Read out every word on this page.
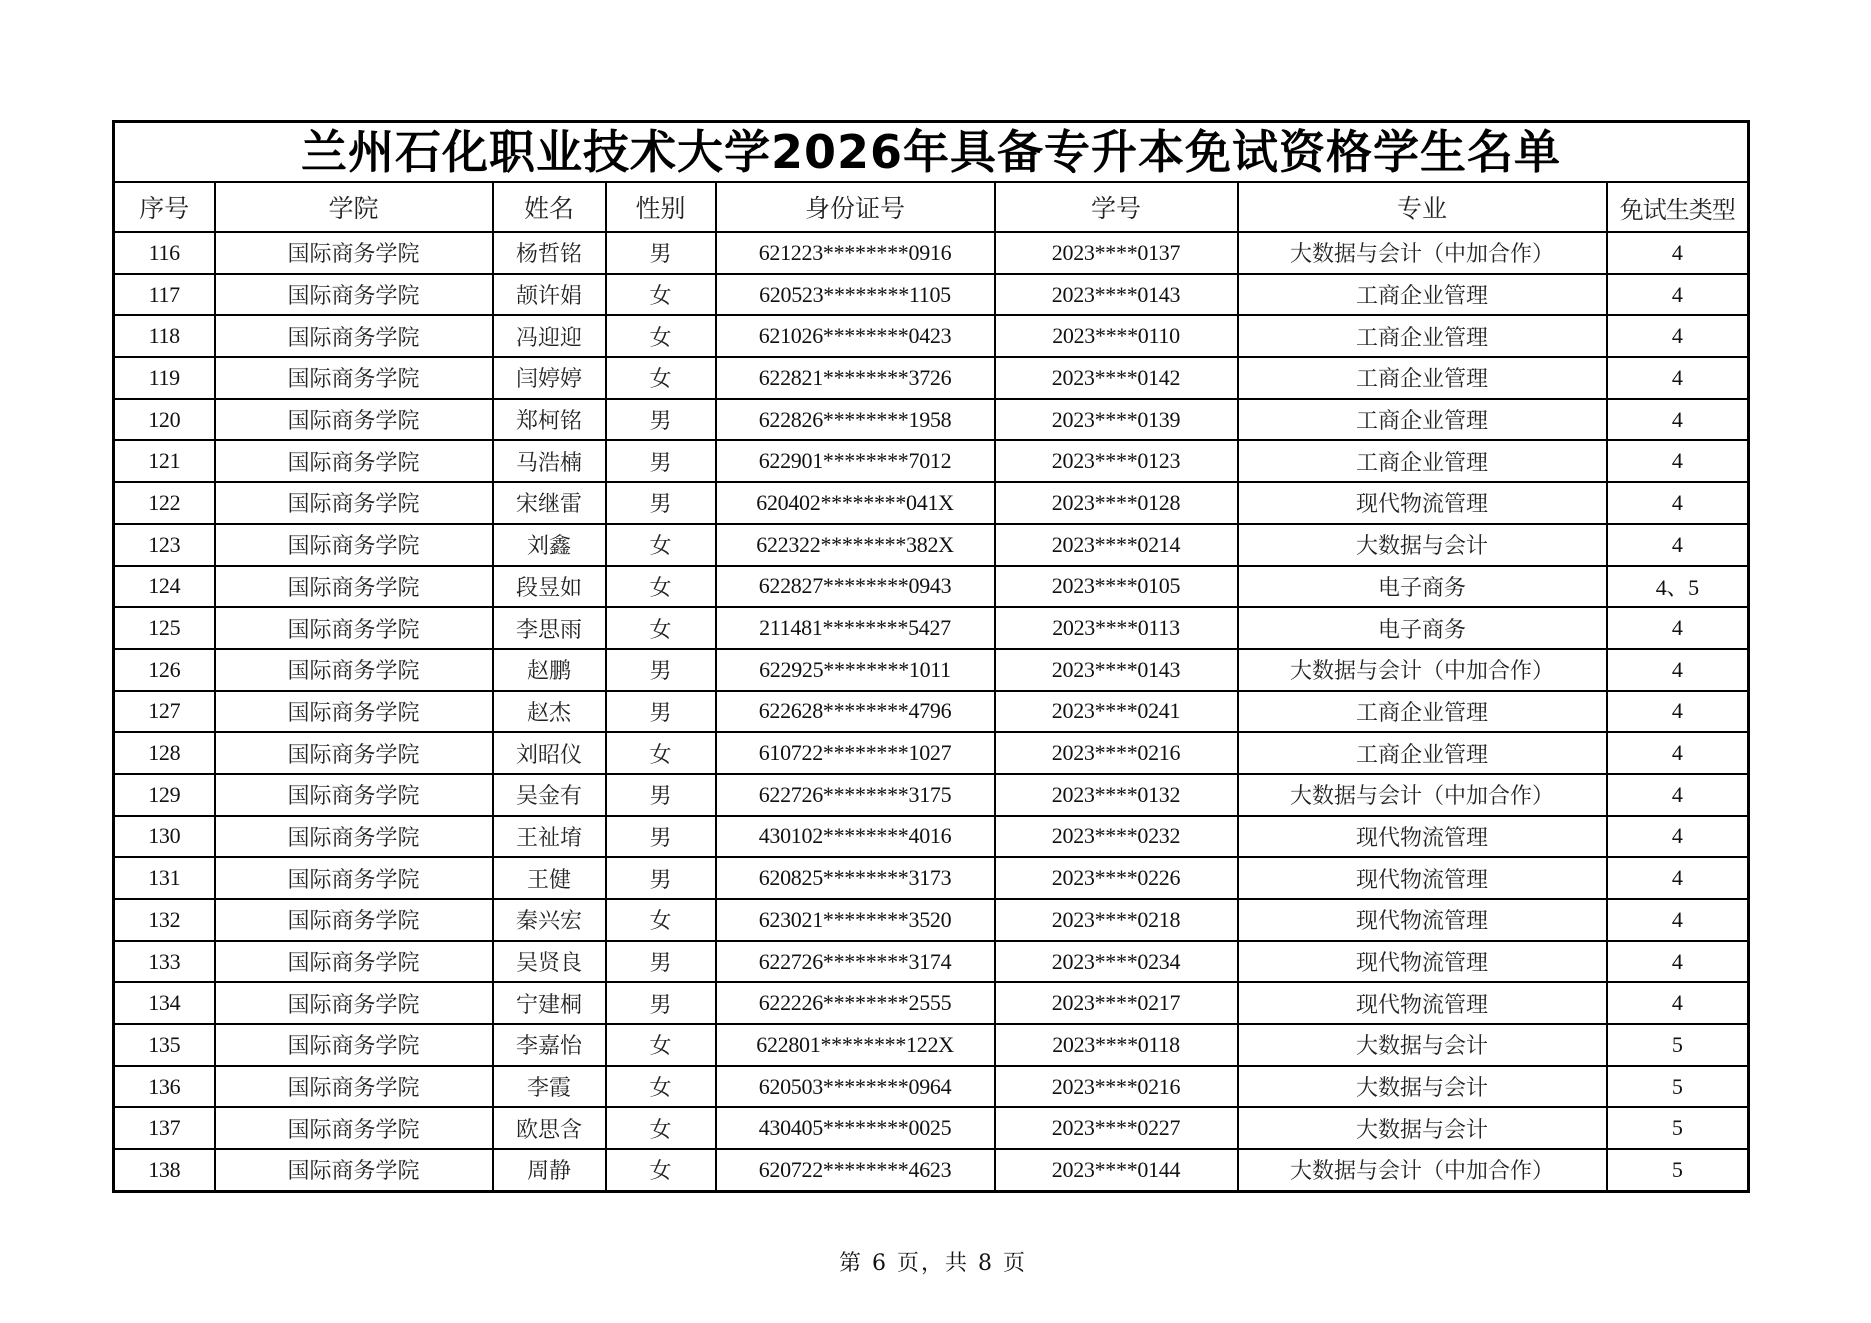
兰州石化职业技术大学2026年具备专升本免试资格学生名单							
序号	学院	姓名	性别	身份证号	学号	专业	免试生类型
116	国际商务学院	杨哲铭	男	621223********0916	2023****0137	大数据与会计（中加合作）	4
117	国际商务学院	颉许娟	女	620523********1105	2023****0143	工商企业管理	4
118	国际商务学院	冯迎迎	女	621026********0423	2023****0110	工商企业管理	4
119	国际商务学院	闫婷婷	女	622821********3726	2023****0142	工商企业管理	4
120	国际商务学院	郑柯铭	男	622826********1958	2023****0139	工商企业管理	4
121	国际商务学院	马浩楠	男	622901********7012	2023****0123	工商企业管理	4
122	国际商务学院	宋继雷	男	620402********041X	2023****0128	现代物流管理	4
123	国际商务学院	刘鑫	女	622322********382X	2023****0214	大数据与会计	4
124	国际商务学院	段昱如	女	622827********0943	2023****0105	电子商务	4、5
125	国际商务学院	李思雨	女	211481********5427	2023****0113	电子商务	4
126	国际商务学院	赵鹏	男	622925********1011	2023****0143	大数据与会计（中加合作）	4
127	国际商务学院	赵杰	男	622628********4796	2023****0241	工商企业管理	4
128	国际商务学院	刘昭仪	女	610722********1027	2023****0216	工商企业管理	4
129	国际商务学院	吴金有	男	622726********3175	2023****0132	大数据与会计（中加合作）	4
130	国际商务学院	王祉堉	男	430102********4016	2023****0232	现代物流管理	4
131	国际商务学院	王健	男	620825********3173	2023****0226	现代物流管理	4
132	国际商务学院	秦兴宏	女	623021********3520	2023****0218	现代物流管理	4
133	国际商务学院	吴贤良	男	622726********3174	2023****0234	现代物流管理	4
134	国际商务学院	宁建桐	男	622226********2555	2023****0217	现代物流管理	4
135	国际商务学院	李嘉怡	女	622801********122X	2023****0118	大数据与会计	5
136	国际商务学院	李霞	女	620503********0964	2023****0216	大数据与会计	5
137	国际商务学院	欧思含	女	430405********0025	2023****0227	大数据与会计	5
138	国际商务学院	周静	女	620722********4623	2023****0144	大数据与会计（中加合作）	5
第 6 页，共 8 页
